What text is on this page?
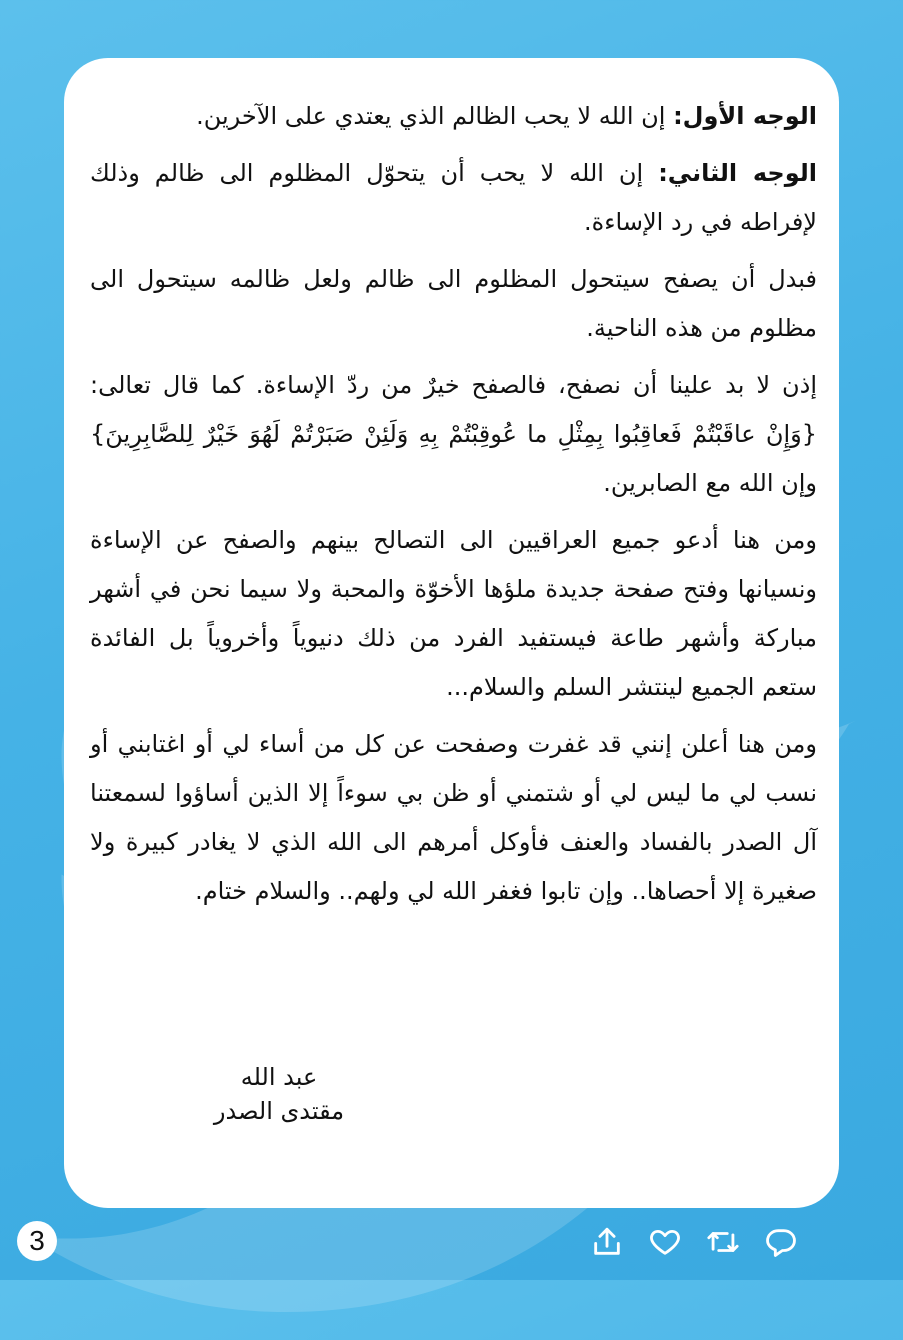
الوجه الأول: إن الله لا يحب الظالم الذي يعتدي على الآخرين.

الوجه الثاني: إن الله لا يحب أن يتحوّل المظلوم الى ظالم وذلك لإفراطه في رد الإساءة.

فبدل أن يصفح سيتحول المظلوم الى ظالم ولعل ظالمه سيتحول الى مظلوم من هذه الناحية.

إذن لا بد علينا أن نصفح، فالصفح خيرٌ من ردّ الإساءة. كما قال تعالى: {وَإِنْ عاقَبْتُمْ فَعاقِبُوا بِمِثْلِ ما عُوقِبْتُمْ بِهِ وَلَئِنْ صَبَرْتُمْ لَهُوَ خَيْرٌ لِلصَّابِرِينَ} وإن الله مع الصابرين.

ومن هنا أدعو جميع العراقيين الى التصالح بينهم والصفح عن الإساءة ونسيانها وفتح صفحة جديدة ملؤها الأخوّة والمحبة ولا سيما نحن في أشهر مباركة وأشهر طاعة فيستفيد الفرد من ذلك دنيوياً وأخروياً بل الفائدة ستعم الجميع لينتشر السلم والسلام...

ومن هنا أعلن إنني قد غفرت وصفحت عن كل من أساء لي أو اغتابني أو نسب لي ما ليس لي أو شتمني أو ظن بي سوءاً إلا الذين أساؤوا لسمعتنا آل الصدر بالفساد والعنف فأوكل أمرهم الى الله الذي لا يغادر كبيرة ولا صغيرة إلا أحصاها.. وإن تابوا فغفر الله لي ولهم.. والسلام ختام.

عبد الله
مقتدى الصدر
3
